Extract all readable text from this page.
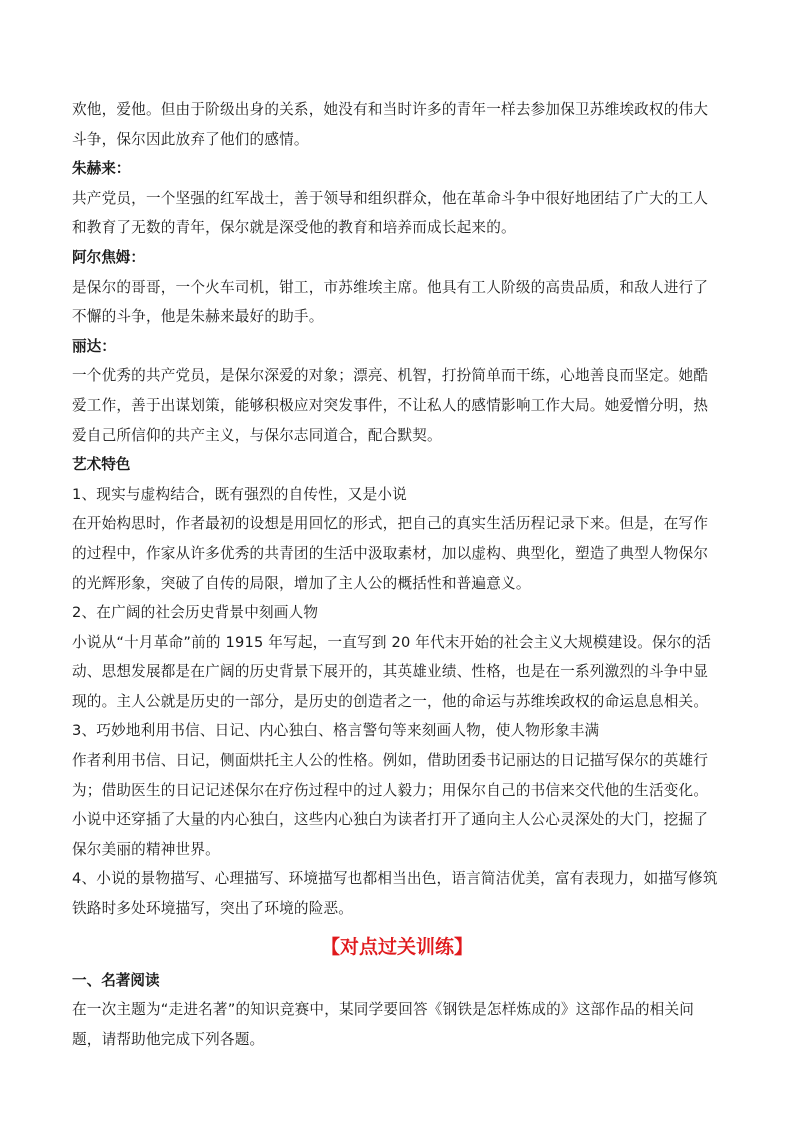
欢他，爱他。但由于阶级出身的关系，她没有和当时许多的青年一样去参加保卫苏维埃政权的伟大斗争，保尔因此放弃了他们的感情。
朱赫来：
共产党员，一个坚强的红军战士，善于领导和组织群众，他在革命斗争中很好地团结了广大的工人和教育了无数的青年，保尔就是深受他的教育和培养而成长起来的。
阿尔焦姆：
是保尔的哥哥，一个火车司机，钳工，市苏维埃主席。他具有工人阶级的高贵品质，和敌人进行了不懈的斗争，他是朱赫来最好的助手。
丽达：
一个优秀的共产党员，是保尔深爱的对象；漂亮、机智，打扮简单而干练，心地善良而坚定。她酷爱工作，善于出谋划策，能够积极应对突发事件，不让私人的感情影响工作大局。她爱憎分明，热爱自己所信仰的共产主义，与保尔志同道合，配合默契。
艺术特色
1、现实与虚构结合，既有强烈的自传性，又是小说
在开始构思时，作者最初的设想是用回忆的形式，把自己的真实生活历程记录下来。但是，在写作的过程中，作家从许多优秀的共青团的生活中汲取素材，加以虚构、典型化，塑造了典型人物保尔的光辉形象，突破了自传的局限，增加了主人公的概括性和普遍意义。
2、在广阔的社会历史背景中刻画人物
小说从“十月革命”前的 1915 年写起，一直写到 20 年代末开始的社会主义大规模建设。保尔的活动、思想发展都是在广阔的历史背景下展开的，其英雄业绩、性格，也是在一系列激烈的斗争中显现的。主人公就是历史的一部分，是历史的创造者之一，他的命运与苏维埃政权的命运息息相关。
3、巧妙地利用书信、日记、内心独白、格言警句等来刻画人物，使人物形象丰满
作者利用书信、日记，侧面烘托主人公的性格。例如，借助团委书记丽达的日记描写保尔的英雄行为；借助医生的日记记述保尔在疗伤过程中的过人毅力；用保尔自己的书信来交代他的生活变化。小说中还穿插了大量的内心独白，这些内心独白为读者打开了通向主人公心灵深处的大门，挖掘了保尔美丽的精神世界。
4、小说的景物描写、心理描写、环境描写也都相当出色，语言简洁优美，富有表现力，如描写修筑铁路时多处环境描写，突出了环境的险恶。
【对点过关训练】
一、名著阅读
在一次主题为“走进名著”的知识竞赛中，某同学要回答《钢铁是怎样炼成的》这部作品的相关问题，请帮助他完成下列各题。
